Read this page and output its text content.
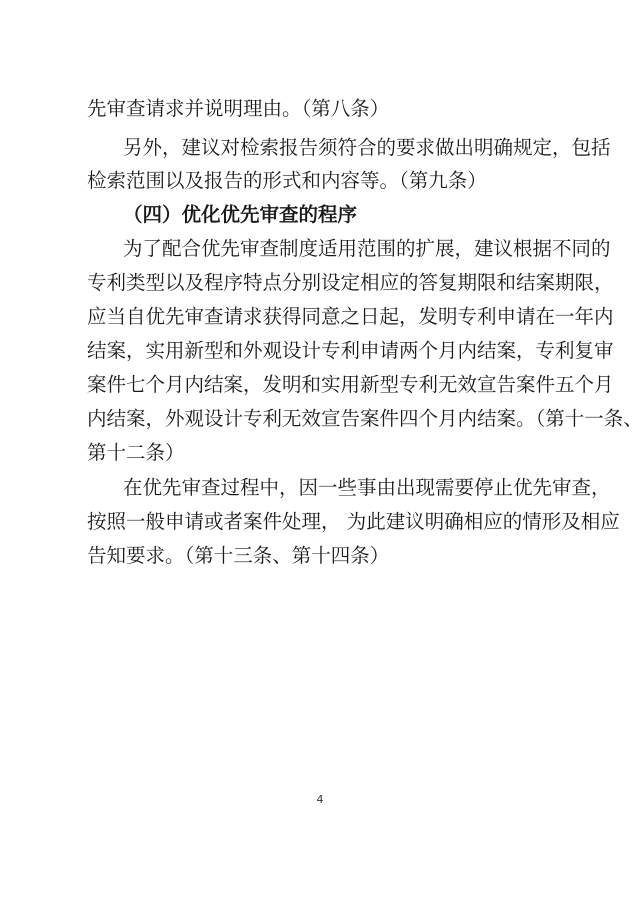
先审查请求并说明理由。（第八条）
另外，建议对检索报告须符合的要求做出明确规定，包括
检索范围以及报告的形式和内容等。（第九条）
（四）优化优先审查的程序
为了配合优先审查制度适用范围的扩展，建议根据不同的
专利类型以及程序特点分别设定相应的答复期限和结案期限，
应当自优先审查请求获得同意之日起，发明专利申请在一年内
结案，实用新型和外观设计专利申请两个月内结案，专利复审
案件七个月内结案，发明和实用新型专利无效宣告案件五个月
内结案，外观设计专利无效宣告案件四个月内结案。（第十一条、
第十二条）
在优先审查过程中，因一些事由出现需要停止优先审查，
按照一般申请或者案件处理， 为此建议明确相应的情形及相应
告知要求。（第十三条、第十四条）
4
